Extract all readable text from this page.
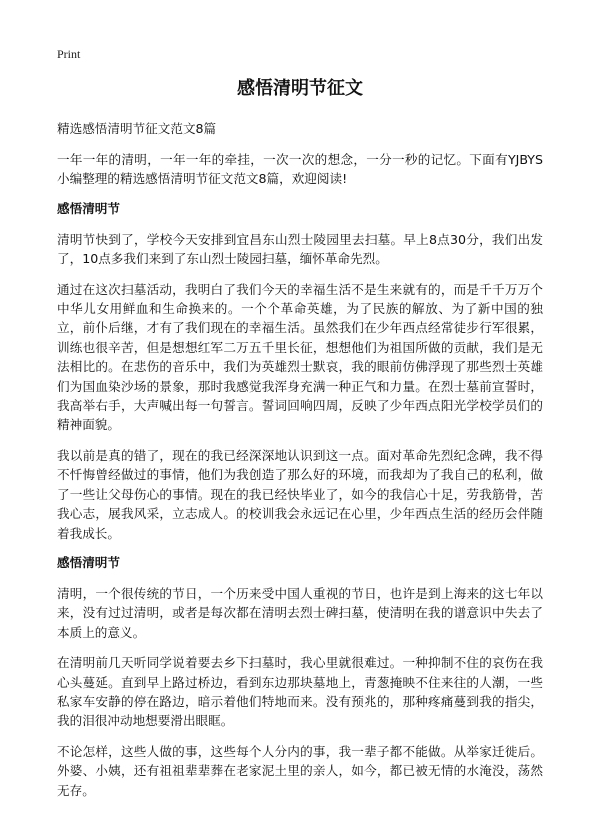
Print
感悟清明节征文

精选感悟清明节征文范文8篇

一年一年的清明，一年一年的牵挂，一次一次的想念，一分一秒的记忆。下面有YJBYS小编整理的精选感悟清明节征文范文8篇，欢迎阅读!

感悟清明节

清明节快到了，学校今天安排到宜昌东山烈士陵园里去扫墓。早上8点30分，我们出发了，10点多我们来到了东山烈士陵园扫墓，缅怀革命先烈。

通过在这次扫墓活动，我明白了我们今天的幸福生活不是生来就有的，而是千千万万个中华儿女用鲜血和生命换来的。一个个革命英雄，为了民族的解放、为了新中国的独立，前仆后继，才有了我们现在的幸福生活。虽然我们在少年西点经常徒步行军很累，训练也很辛苦，但是想想红军二万五千里长征，想想他们为祖国所做的贡献，我们是无法相比的。在悲伤的音乐中，我们为英雄烈士默哀，我的眼前仿佛浮现了那些烈士英雄们为国血染沙场的景象，那时我感觉我浑身充满一种正气和力量。在烈士墓前宣誓时，我高举右手，大声喊出每一句誓言。誓词回响四周，反映了少年西点阳光学校学员们的精神面貌。

我以前是真的错了，现在的我已经深深地认识到这一点。面对革命先烈纪念碑，我不得不忏悔曾经做过的事情，他们为我创造了那么好的环境，而我却为了我自己的私利，做了一些让父母伤心的事情。现在的我已经快毕业了，如今的我信心十足，劳我筋骨，苦我心志，展我风采，立志成人。的校训我会永远记在心里，少年西点生活的经历会伴随着我成长。

感悟清明节

清明，一个很传统的节日，一个历来受中国人重视的节日，也许是到上海来的这七年以来，没有过过清明，或者是每次都在清明去烈士碑扫墓，使清明在我的谱意识中失去了本质上的意义。

在清明前几天听同学说着要去乡下扫墓时，我心里就很难过。一种抑制不住的哀伤在我心头蔓延。直到早上路过桥边，看到东边那块墓地上，青葱掩映不住来往的人潮，一些私家车安静的停在路边，暗示着他们特地而来。没有预兆的，那种疼痛蔓到我的指尖，我的泪很冲动地想要滑出眼眶。

不论怎样，这些人做的事，这些每个人分内的事，我一辈子都不能做。从举家迁徙后。外婆、小姨，还有祖祖辈辈葬在老家泥土里的亲人，如今，都已被无情的水淹没，荡然无存。
